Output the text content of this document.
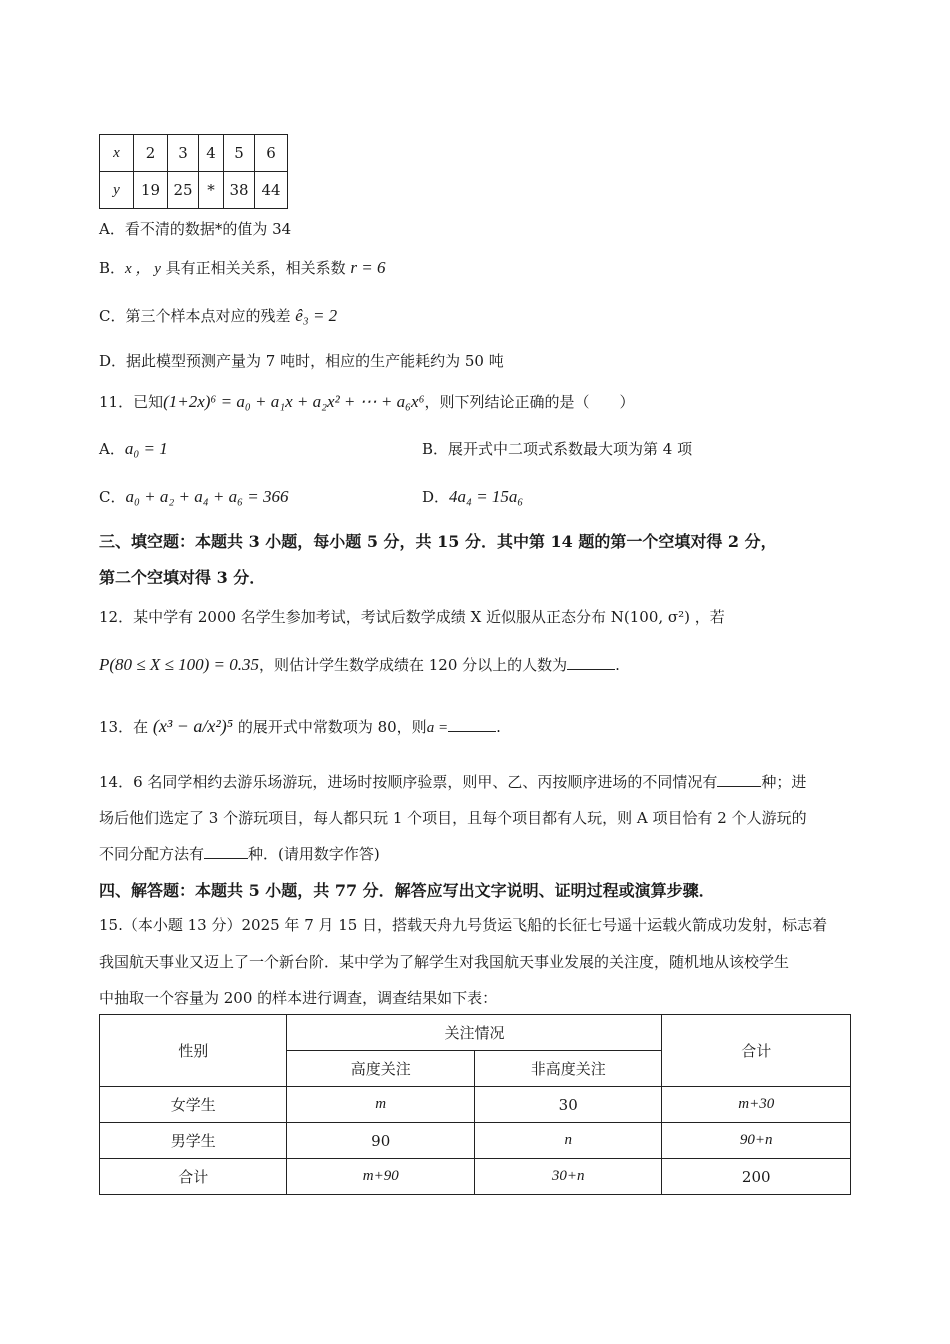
x	2	3	4	5	6
y	19	25	*	38	44
A．看不清的数据*的值为 34
B．x ， y 具有正相关关系，相关系数 r = 6
C．第三个样本点对应的残差 ê₃ = 2
D．据此模型预测产量为 7 吨时，相应的生产能耗约为 50 吨
11．已知(1+2x)⁶ = a₀ + a₁x + a₂x² + ⋯ + a₆x⁶，则下列结论正确的是（　　）
A．a₀ = 1	B．展开式中二项式系数最大项为第 4 项
C．a₀ + a₂ + a₄ + a₆ = 366	D．4a₄ = 15a₆
三、填空题：本题共 3 小题，每小题 5 分，共 15 分．其中第 14 题的第一个空填对得 2 分，
第二个空填对得 3 分．
12．某中学有 2000 名学生参加考试，考试后数学成绩 X 近似服从正态分布 N(100, σ²) ，若
P(80 ≤ X ≤ 100) = 0.35，则估计学生数学成绩在 120 分以上的人数为	.
13．在 (x³ − a/x²)⁵ 的展开式中常数项为 80，则a =	.
14．6 名同学相约去游乐场游玩，进场时按顺序验票，则甲、乙、丙按顺序进场的不同情况有	种；进
场后他们选定了 3 个游玩项目，每人都只玩 1 个项目，且每个项目都有人玩，则 A 项目恰有 2 个人游玩的
不同分配方法有	种．(请用数字作答)
四、解答题：本题共 5 小题，共 77 分．解答应写出文字说明、证明过程或演算步骤．
15.（本小题 13 分）2025 年 7 月 15 日，搭载天舟九号货运飞船的长征七号遥十运载火箭成功发射，标志着
我国航天事业又迈上了一个新台阶．某中学为了解学生对我国航天事业发展的关注度，随机地从该校学生
中抽取一个容量为 200 的样本进行调查，调查结果如下表：
性别	关注情况		合计
	高度关注	非高度关注	
女学生	m	30	m+30
男学生	90	n	90+n
合计	m+90	30+n	200
